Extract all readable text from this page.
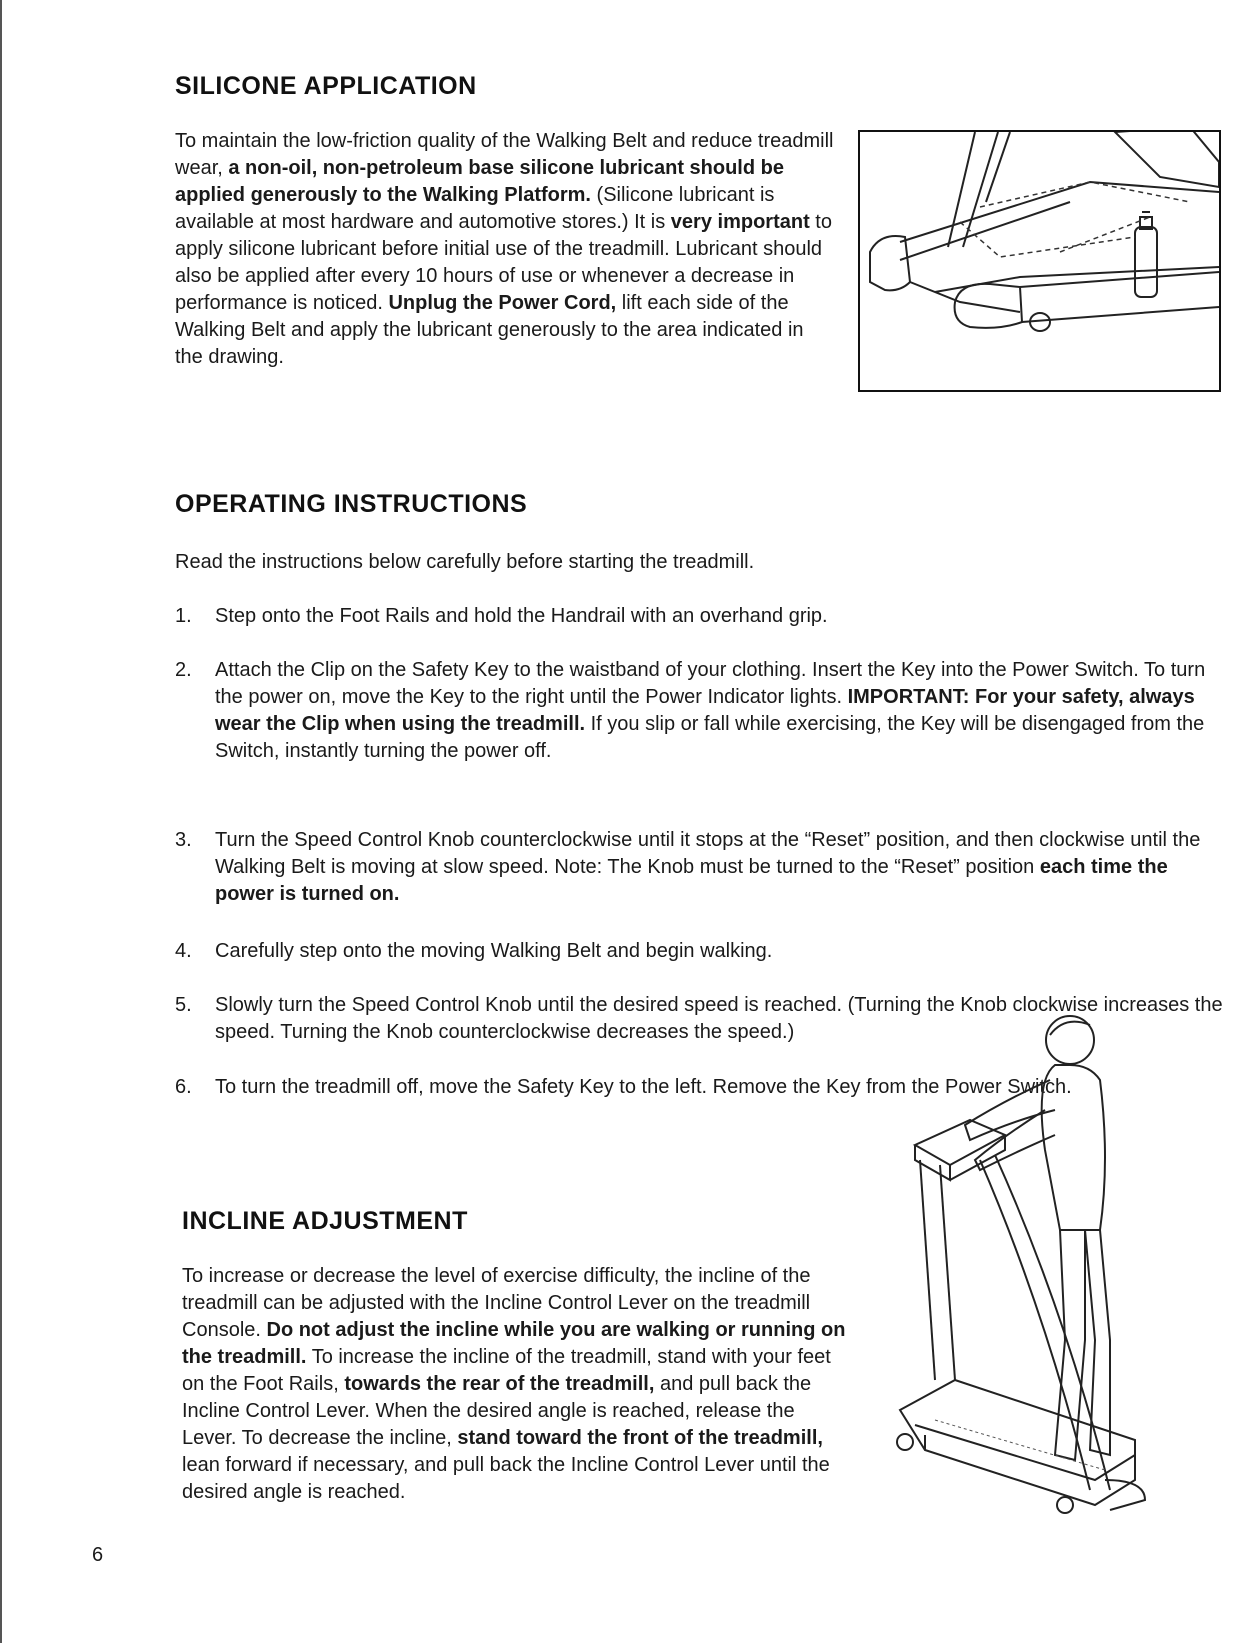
SILICONE APPLICATION

To maintain the low-friction quality of the Walking Belt and reduce treadmill wear, a non-oil, non-petroleum base silicone lubricant should be applied generously to the Walking Platform. (Silicone lubricant is available at most hardware and automotive stores.) It is very important to apply silicone lubricant before initial use of the treadmill. Lubricant should also be applied after every 10 hours of use or whenever a decrease in performance is noticed. Unplug the Power Cord, lift each side of the Walking Belt and apply the lubricant generously to the area indicated in the drawing.

OPERATING INSTRUCTIONS

Read the instructions below carefully before starting the treadmill.

1.	Step onto the Foot Rails and hold the Handrail with an overhand grip.
2.	Attach the Clip on the Safety Key to the waistband of your clothing. Insert the Key into the Power Switch. To turn the power on, move the Key to the right until the Power Indicator lights. IMPORTANT: For your safety, always wear the Clip when using the treadmill. If you slip or fall while exercising, the Key will be disengaged from the Switch, instantly turning the power off.
3.	Turn the Speed Control Knob counterclockwise until it stops at the “Reset” position, and then clockwise until the Walking Belt is moving at slow speed. Note: The Knob must be turned to the “Reset” position each time the power is turned on.
4.	Carefully step onto the moving Walking Belt and begin walking.
5.	Slowly turn the Speed Control Knob until the desired speed is reached. (Turning the Knob clockwise increases the speed. Turning the Knob counterclockwise decreases the speed.)
6.	To turn the treadmill off, move the Safety Key to the left. Remove the Key from the Power Switch.
INCLINE ADJUSTMENT

To increase or decrease the level of exercise difficulty, the incline of the treadmill can be adjusted with the Incline Control Lever on the treadmill Console. Do not adjust the incline while you are walking or running on the treadmill. To increase the incline of the treadmill, stand with your feet on the Foot Rails, towards the rear of the treadmill, and pull back the Incline Control Lever. When the desired angle is reached, release the Lever. To decrease the incline, stand toward the front of the treadmill, lean forward if necessary, and pull back the Incline Control Lever until the desired angle is reached.

6
